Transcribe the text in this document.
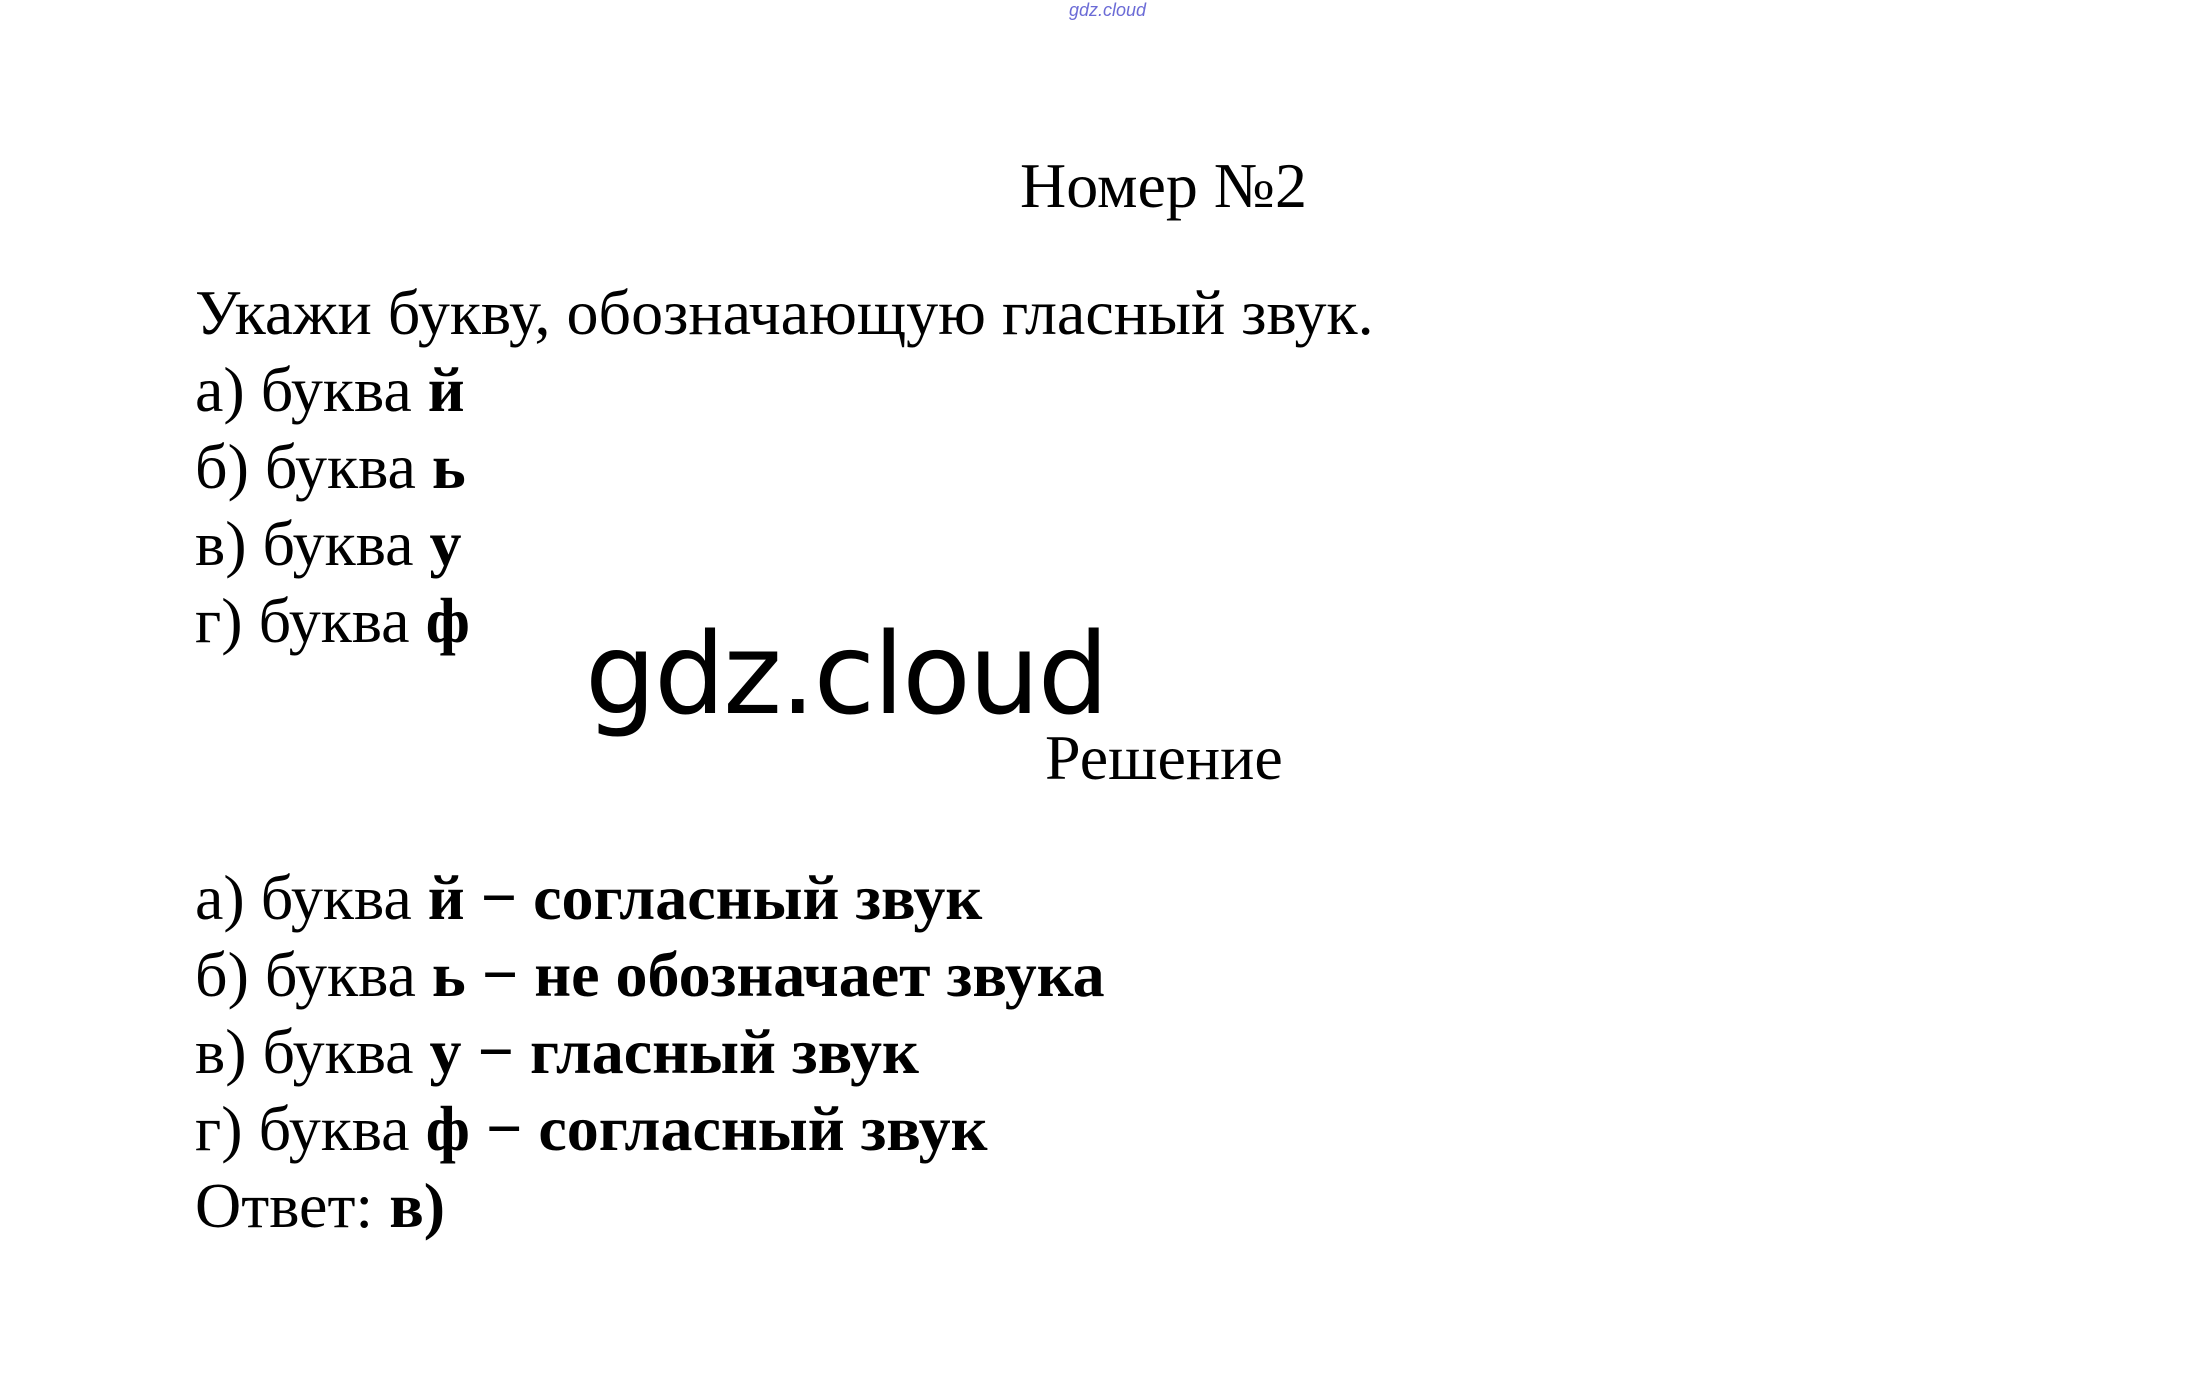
gdz.cloud
Номер №2
Укажи букву, обозначающую гласный звук.
а) буква й
б) буква ь
в) буква у
г) буква ф gdz.cloud
Решение
а) буква й − согласный звук
б) буква ь − не обозначает звука
в) буква у − гласный звук
г) буква ф − согласный звук
Ответ: в)
